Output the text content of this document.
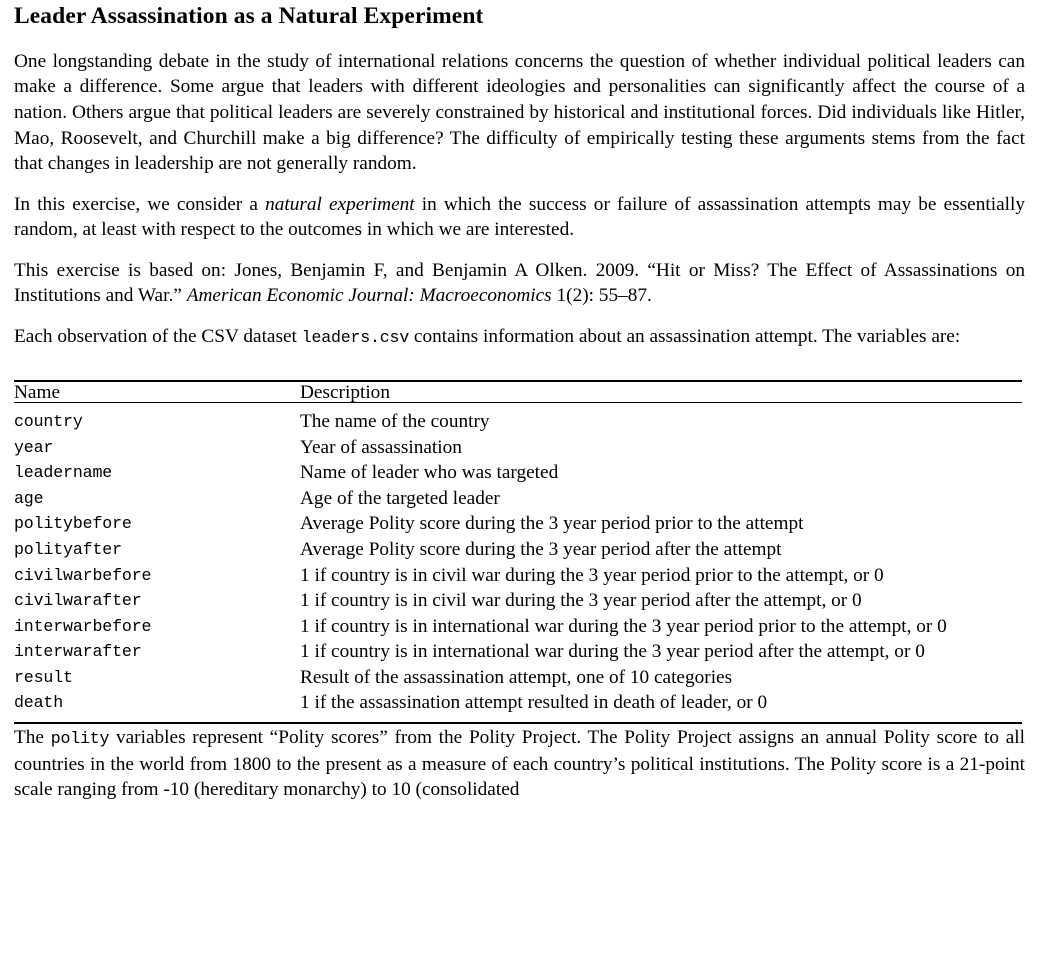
Leader Assassination as a Natural Experiment

One longstanding debate in the study of international relations concerns the question of whether individual political leaders can make a difference. Some argue that leaders with different ideologies and personalities can significantly affect the course of a nation. Others argue that political leaders are severely constrained by historical and institutional forces. Did individuals like Hitler, Mao, Roosevelt, and Churchill make a big difference? The difficulty of empirically testing these arguments stems from the fact that changes in leadership are not generally random.

In this exercise, we consider a natural experiment in which the success or failure of assassination attempts may be essentially random, at least with respect to the outcomes in which we are interested.

This exercise is based on: Jones, Benjamin F, and Benjamin A Olken. 2009. “Hit or Miss? The Effect of Assassinations on Institutions and War.” American Economic Journal: Macroeconomics 1(2): 55–87.

Each observation of the CSV dataset leaders.csv contains information about an assassination attempt. The variables are:

Name	Description
country	The name of the country
year	Year of assassination
leadername	Name of leader who was targeted
age	Age of the targeted leader
politybefore	Average Polity score during the 3 year period prior to the attempt
polityafter	Average Polity score during the 3 year period after the attempt
civilwarbefore	1 if country is in civil war during the 3 year period prior to the attempt, or 0
civilwarafter	1 if country is in civil war during the 3 year period after the attempt, or 0
interwarbefore	1 if country is in international war during the 3 year period prior to the attempt, or 0
interwarafter	1 if country is in international war during the 3 year period after the attempt, or 0
result	Result of the assassination attempt, one of 10 categories
death	1 if the assassination attempt resulted in death of leader, or 0

The polity variables represent “Polity scores” from the Polity Project. The Polity Project assigns an annual Polity score to all countries in the world from 1800 to the present as a measure of each country’s political institutions. The Polity score is a 21-point scale ranging from -10 (hereditary monarchy) to 10 (consolidated
